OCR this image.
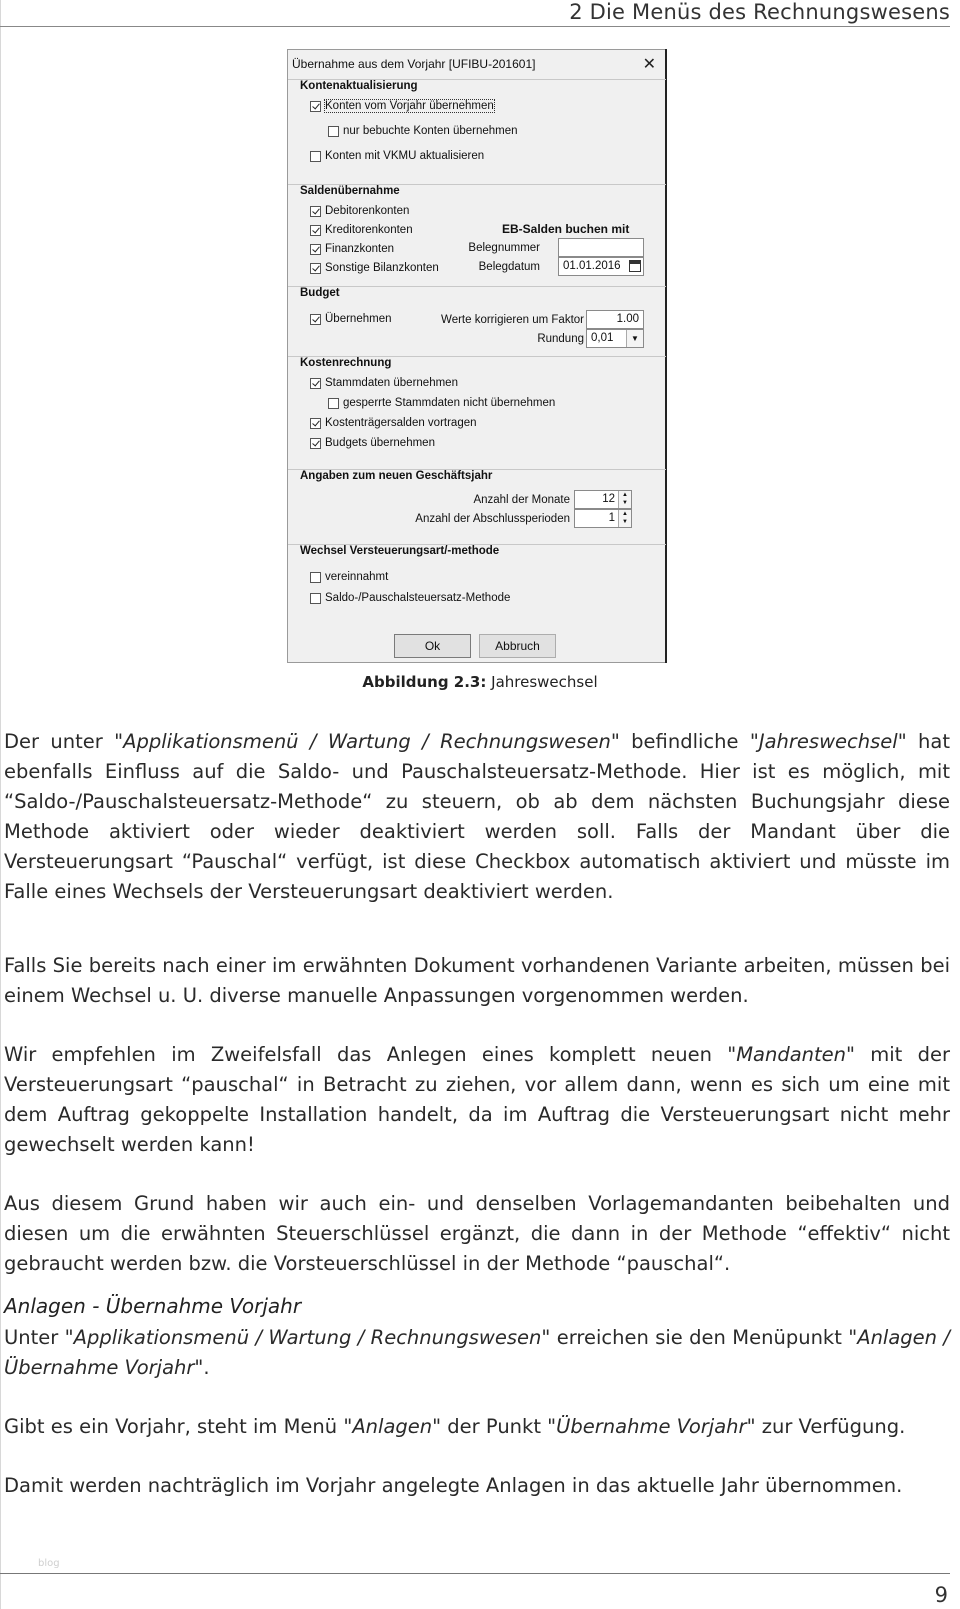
2 Die Menüs des Rechnungswesens
Übernahme aus dem Vorjahr [UFIBU-201601]	✕
Kontenaktualisierung
Konten vom Vorjahr übernehmen
nur bebuchte Konten übernehmen
Konten mit VKMU aktualisieren
Saldenübernahme
Debitorenkonten
Kreditorenkonten
Finanzkonten
Sonstige Bilanzkonten
EB-Salden buchen mit
Belegnummer
Belegdatum	01.01.2016
Budget
Übernehmen	Werte korrigieren um Faktor	1.00
Rundung 0,01	▼
Kostenrechnung
Stammdaten übernehmen
gesperrte Stammdaten nicht übernehmen
Kostenträgersalden vortragen
Budgets übernehmen
Angaben zum neuen Geschäftsjahr
Anzahl der Monate	12	▲
▼
Anzahl der Abschlussperioden	1	▲
▼
Wechsel Versteuerungsart/-methode
vereinnahmt
Saldo-/Pauschalsteuersatz-Methode
Ok	Abbruch
Abbildung 2.3: Jahreswechsel
Der unter "Applikationsmenü / Wartung / Rechnungswesen" befindliche "Jahreswechsel" hat ebenfalls Einfluss auf die Saldo- und Pauschalsteuersatz-Methode. Hier ist es möglich, mit “Saldo-/Pauschalsteuersatz-Methode“ zu steuern, ob ab dem nächsten Buchungsjahr diese Methode aktiviert oder wieder deaktiviert werden soll. Falls der Mandant über die Versteuerungsart “Pauschal“ verfügt, ist diese Checkbox automatisch aktiviert und müsste im Falle eines Wechsels der Versteuerungsart deaktiviert werden.
Falls Sie bereits nach einer im erwähnten Dokument vorhandenen Variante arbeiten, müssen bei einem Wechsel u. U. diverse manuelle Anpassungen vorgenommen werden.
Wir empfehlen im Zweifelsfall das Anlegen eines komplett neuen "Mandanten" mit der Versteuerungsart “pauschal“ in Betracht zu ziehen, vor allem dann, wenn es sich um eine mit dem Auftrag gekoppelte Installation handelt, da im Auftrag die Versteuerungsart nicht mehr gewechselt werden kann!
Aus diesem Grund haben wir auch ein- und denselben Vorlagemandanten beibehalten und diesen um die erwähnten Steuerschlüssel ergänzt, die dann in der Methode “effektiv“ nicht gebraucht werden bzw. die Vorsteuerschlüssel in der Methode “pauschal“.
Anlagen - Übernahme Vorjahr
Unter "Applikationsmenü / Wartung / Rechnungswesen" erreichen sie den Menüpunkt "Anlagen / Übernahme Vorjahr".
Gibt es ein Vorjahr, steht im Menü "Anlagen" der Punkt "Übernahme Vorjahr" zur Verfügung.
Damit werden nachträglich im Vorjahr angelegte Anlagen in das aktuelle Jahr übernommen.
blog
9
